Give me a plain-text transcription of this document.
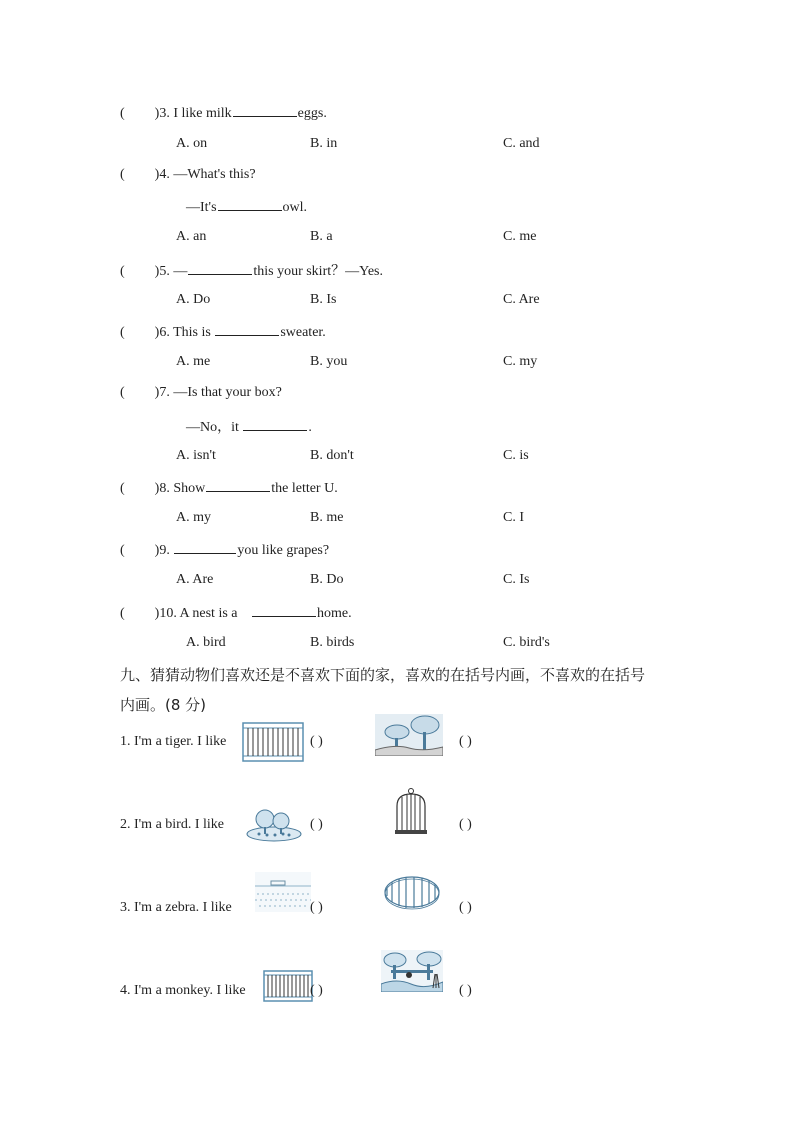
( )3. I like milk	eggs.
A. on	B. in	C. and
( )4. —What's this?
—It's	owl.
A. an	B. a	C. me
( )5. —	this your skirt？—Yes.
A. Do	B. Is	C. Are
( )6. This is	sweater.
A. me	B. you	C. my
( )7. —Is that your box?
—No，it	.
A. isn't	B. don't	C. is
( )8. Show	the letter U.
A. my	B. me	C. I
( )9.	you like grapes?
A. Are	B. Do	C. Is
( )10. A nest is a	home.
A. bird	B. birds	C. bird's
九、猜猜动物们喜欢还是不喜欢下面的家，喜欢的在括号内画，不喜欢的在括号
内画。(8 分)
1. I'm a tiger. I like	( )	( )
2. I'm a bird. I like	( )	( )
3. I'm a zebra. I like	( )	( )
4. I'm a monkey. I like	( )	( )
